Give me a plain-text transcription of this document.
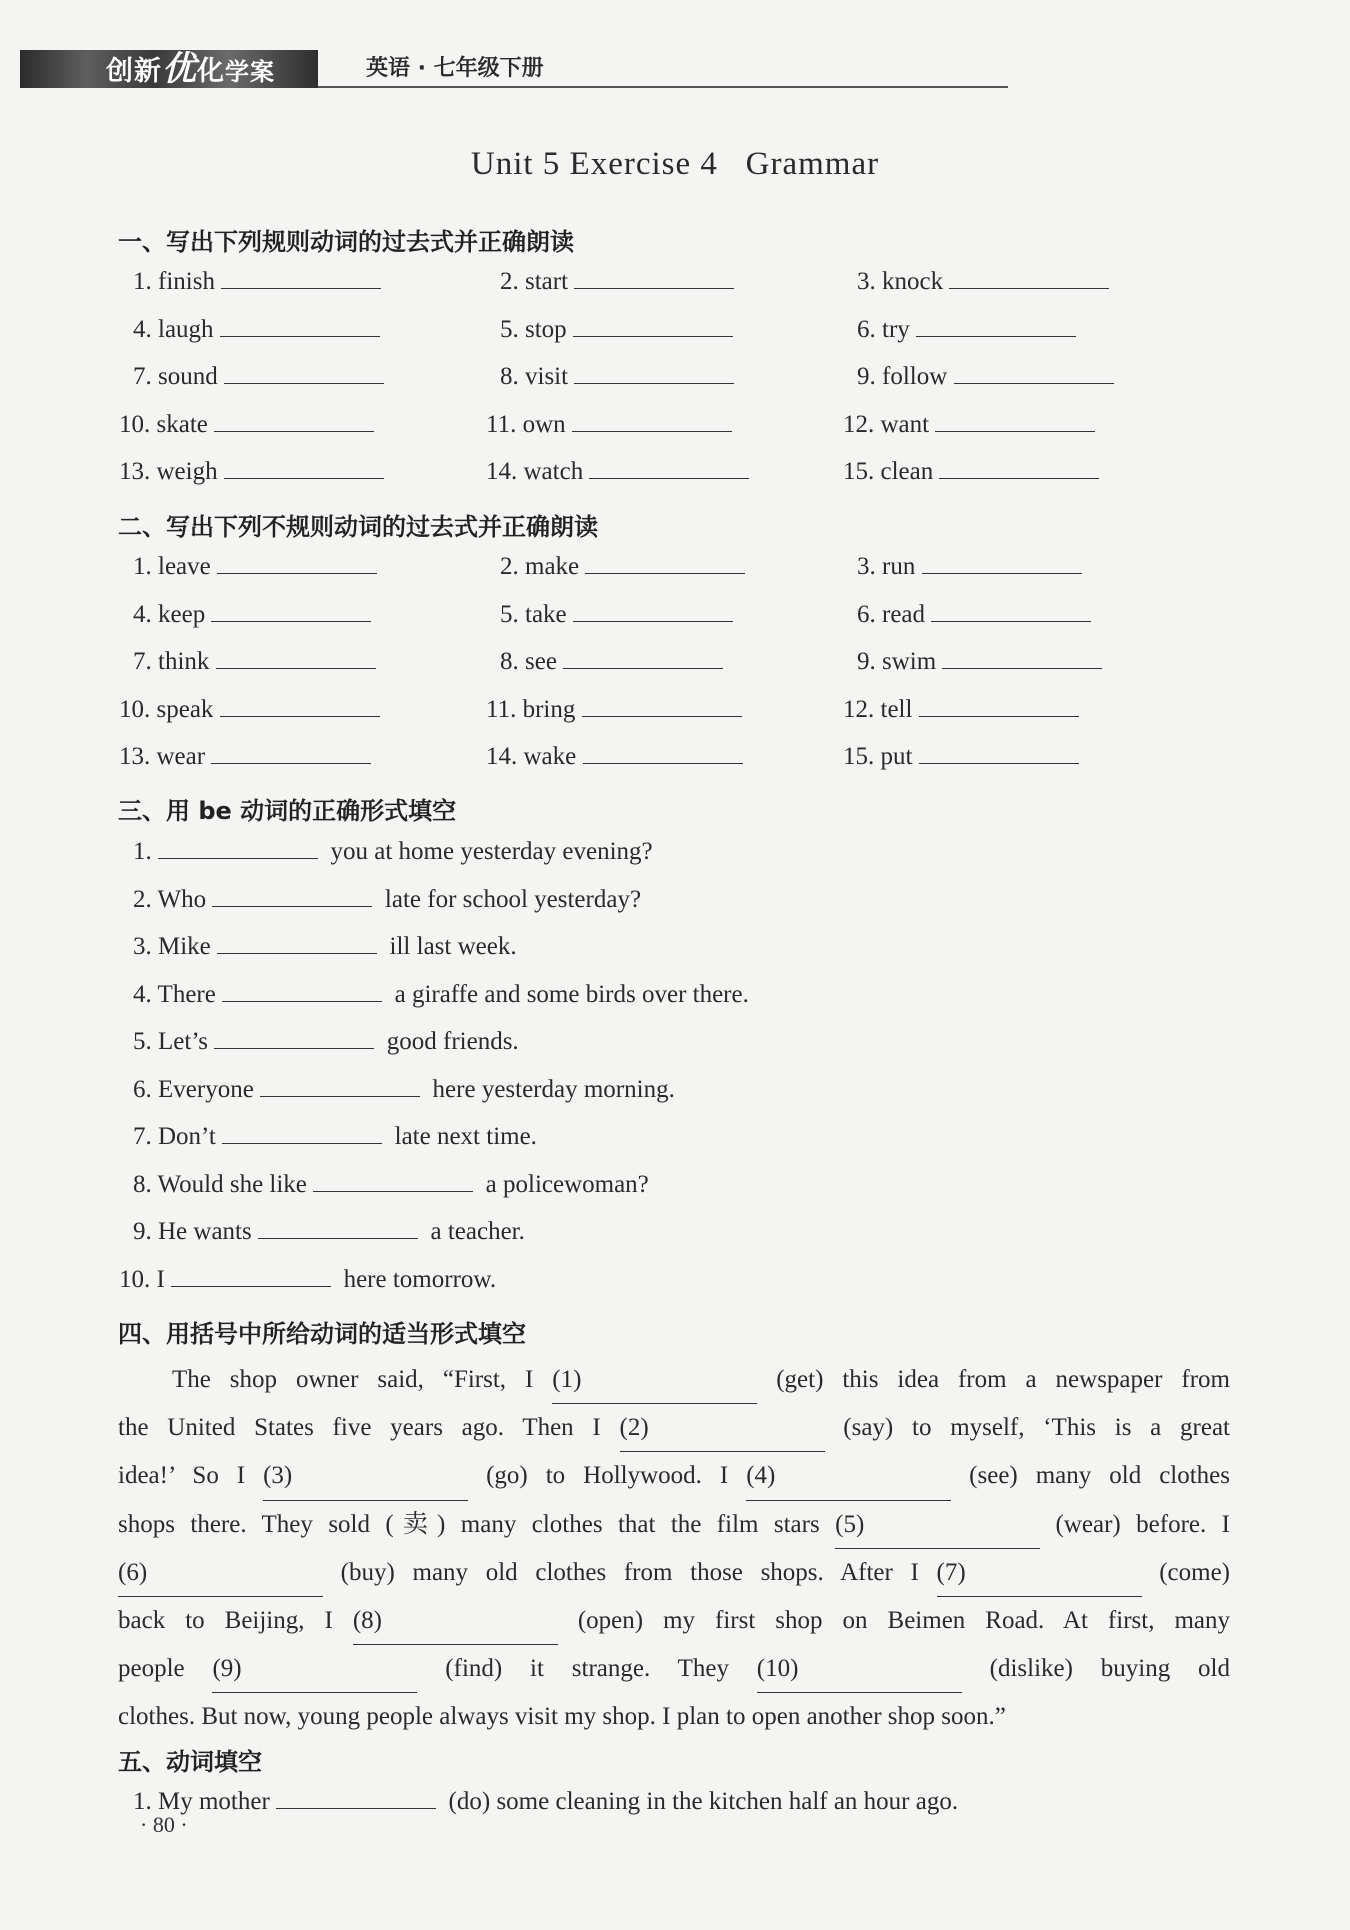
创新优化学案	英语 · 七年级下册
Unit 5 Exercise 4   Grammar
一、写出下列规则动词的过去式并正确朗读
1. finish	2. start	3. knock
4. laugh	5. stop	6. try
7. sound	8. visit	9. follow
10. skate	11. own	12. want
13. weigh	14. watch	15. clean
二、写出下列不规则动词的过去式并正确朗读
1. leave	2. make	3. run
4. keep	5. take	6. read
7. think	8. see	9. swim
10. speak	11. bring	12. tell
13. wear	14. wake	15. put
三、用 be 动词的正确形式填空
1.	you at home yesterday evening?
2. Who	late for school yesterday?
3. Mike	ill last week.
4. There	a giraffe and some birds over there.
5. Let’s	good friends.
6. Everyone	here yesterday morning.
7. Don’t	late next time.
8. Would she like	a policewoman?
9. He wants	a teacher.
10. I	here tomorrow.
四、用括号中所给动词的适当形式填空
The shop owner said, “First, I (1)	(get) this idea from a newspaper from
the United States five years ago. Then I (2)	(say) to myself, ‘This is a great
idea!’ So I (3)	(go) to Hollywood. I (4)	(see) many old clothes
shops there. They sold (卖) many clothes that the film stars (5)	(wear) before. I
(6)	(buy) many old clothes from those shops. After I (7)	(come)
back to Beijing, I (8)	(open) my first shop on Beimen Road. At first, many
people (9)	(find) it strange. They (10)	(dislike) buying old
clothes. But now, young people always visit my shop. I plan to open another shop soon.”
五、动词填空
1. My mother	(do) some cleaning in the kitchen half an hour ago.
· 80 ·
